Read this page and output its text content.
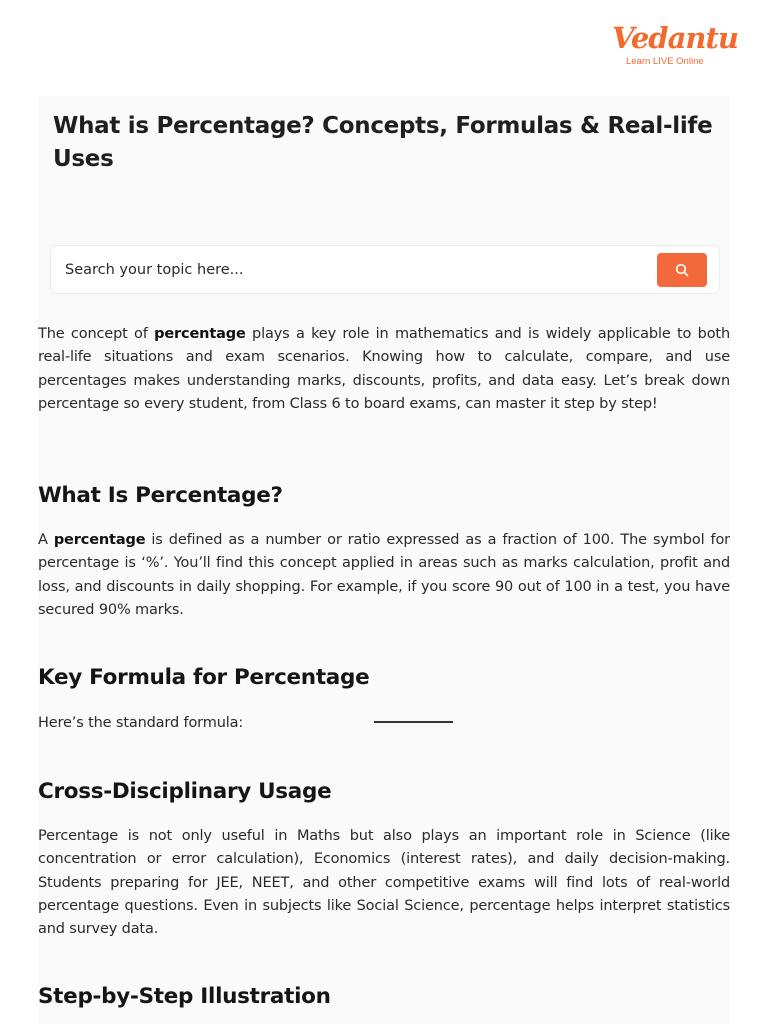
Vedantu
Learn LIVE Online
What is Percentage? Concepts, Formulas & Real-life Uses
Search your topic here...

The concept of percentage plays a key role in mathematics and is widely applicable to both real-life situations and exam scenarios. Knowing how to calculate, compare, and use percentages makes understanding marks, discounts, profits, and data easy. Let’s break down percentage so every student, from Class 6 to board exams, can master it step by step!

What Is Percentage?

A percentage is defined as a number or ratio expressed as a fraction of 100. The symbol for percentage is ‘%’. You’ll find this concept applied in areas such as marks calculation, profit and loss, and discounts in daily shopping. For example, if you score 90 out of 100 in a test, you have secured 90% marks.

Key Formula for Percentage

Here’s the standard formula:

Cross-Disciplinary Usage

Percentage is not only useful in Maths but also plays an important role in Science (like concentration or error calculation), Economics (interest rates), and daily decision-making. Students preparing for JEE, NEET, and other competitive exams will find lots of real-world percentage questions. Even in subjects like Social Science, percentage helps interpret statistics and survey data.

Step-by-Step Illustration
